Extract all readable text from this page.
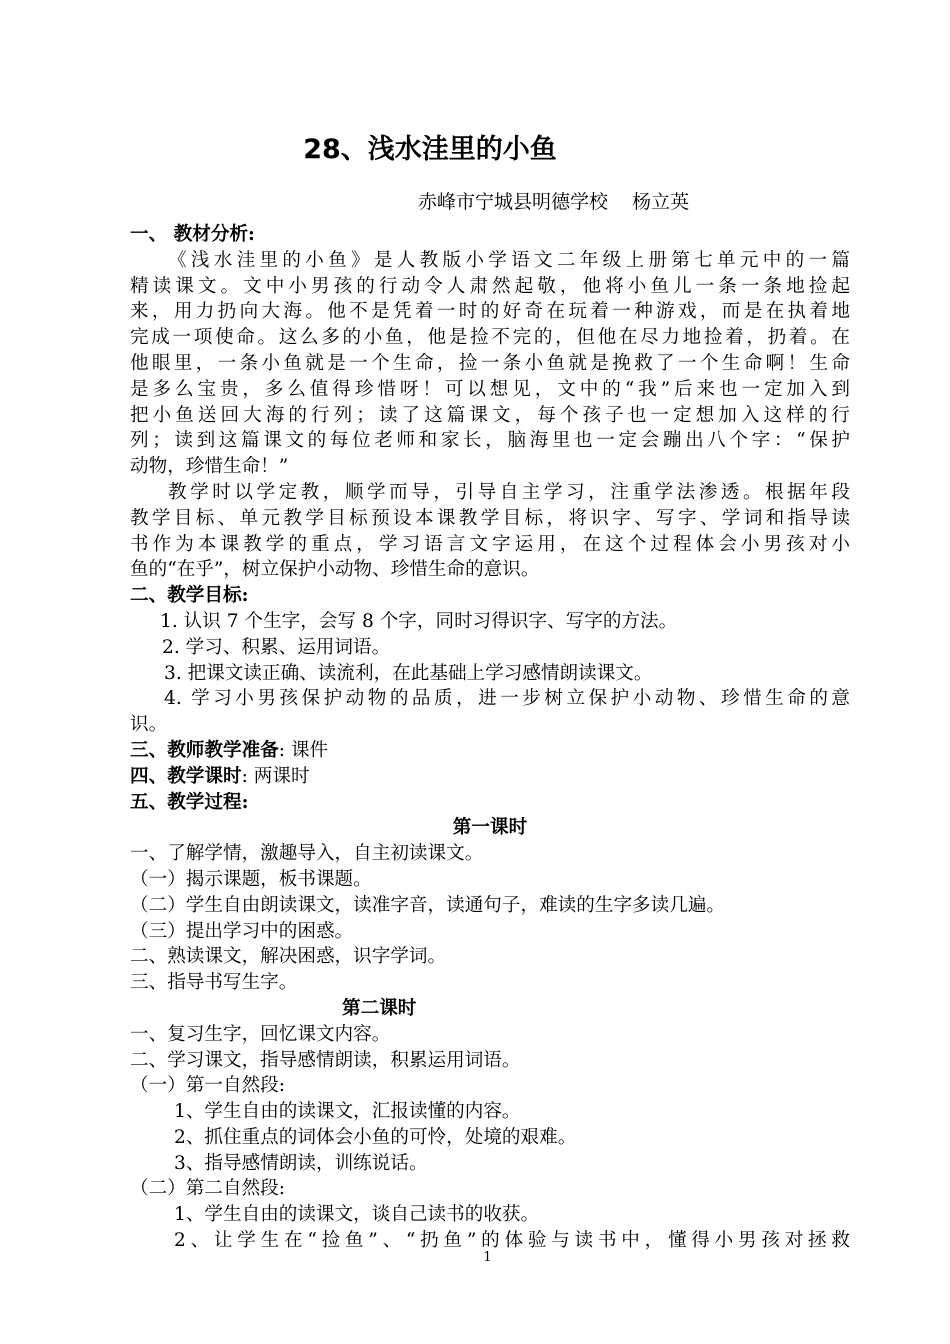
28、浅水洼里的小鱼
赤峰市宁城县明德学校    杨立英
一、 教材分析:
《浅水洼里的小鱼》是人教版小学语文二年级上册第七单元中的一篇
精读课文。文中小男孩的行动令人肃然起敬，他将小鱼儿一条一条地捡起
来，用力扔向大海。他不是凭着一时的好奇在玩着一种游戏，而是在执着地
完成一项使命。这么多的小鱼，他是捡不完的，但他在尽力地捡着，扔着。在
他眼里，一条小鱼就是一个生命，捡一条小鱼就是挽救了一个生命啊！生命
是多么宝贵，多么值得珍惜呀！可以想见，文中的“我”后来也一定加入到
把小鱼送回大海的行列；读了这篇课文，每个孩子也一定想加入这样的行
列；读到这篇课文的每位老师和家长，脑海里也一定会蹦出八个字：“保护
动物，珍惜生命！”
教学时以学定教，顺学而导，引导自主学习，注重学法渗透。根据年段
教学目标、单元教学目标预设本课教学目标，将识字、写字、学词和指导读
书作为本课教学的重点，学习语言文字运用，在这个过程体会小男孩对小
鱼的“在乎”，树立保护小动物、珍惜生命的意识。
二、教学目标:
1. 认识 7 个生字，会写 8 个字，同时习得识字、写字的方法。
2. 学习、积累、运用词语。
3. 把课文读正确、读流利，在此基础上学习感情朗读课文。
4. 学习小男孩保护动物的品质，进一步树立保护小动物、珍惜生命的意
识。
三、教师教学准备: 课件
四、教学课时: 两课时
五、教学过程:
第一课时
一、了解学情，激趣导入，自主初读课文。
（一）揭示课题，板书课题。
（二）学生自由朗读课文，读准字音，读通句子，难读的生字多读几遍。
（三）提出学习中的困惑。
二、熟读课文，解决困惑，识字学词。
三、指导书写生字。
第二课时
一、复习生字，回忆课文内容。
二、学习课文，指导感情朗读，积累运用词语。
（一）第一自然段:
1、学生自由的读课文，汇报读懂的内容。
2、抓住重点的词体会小鱼的可怜，处境的艰难。
3、指导感情朗读，训练说话。
（二）第二自然段:
1、学生自由的读课文，谈自己读书的收获。
2、让学生在“捡鱼”、“扔鱼”的体验与读书中，懂得小男孩对拯救
1
